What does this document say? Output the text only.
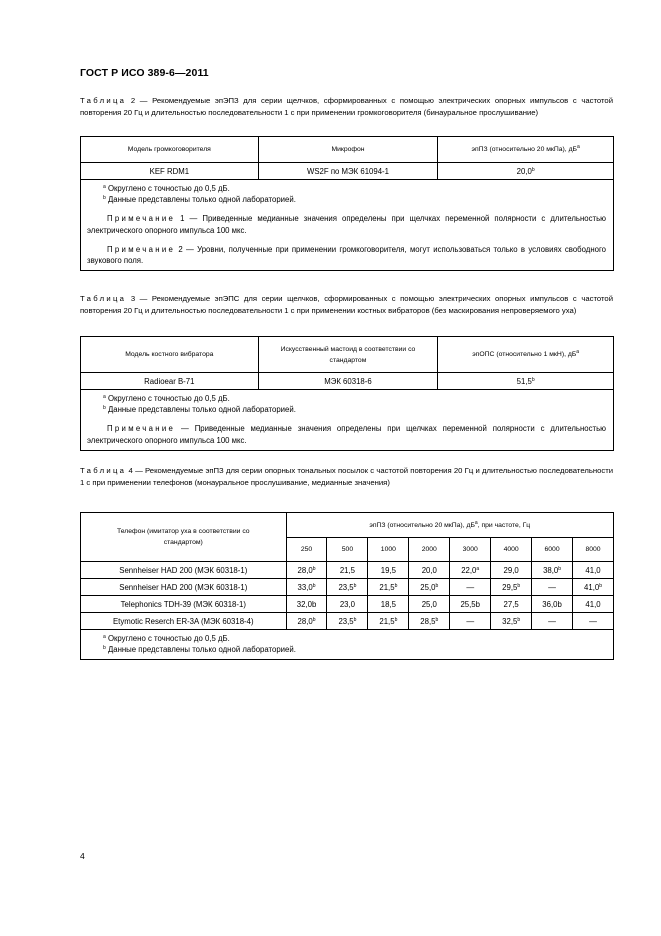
ГОСТ Р ИСО 389-6—2011
Таблица 2 — Рекомендуемые эпЭПЗ для серии щелчков, сформированных с помощью электрических опорных импульсов с частотой повторения 20 Гц и длительностью последовательности 1 с при применении громкоговорителя (бинауральное прослушивание)
Модель громкоговорителя	Микрофон	эпПЗ (относительно 20 мкПа), $дБ^a$
KEF RDM1	WS2F по МЭК 61094-1	20,0$^b$

$^a$ Округлено с точностью до 0,5 дБ.
$^b$ Данные представлены только одной лабораторией.
Примечание 1 — Приведенные медианные значения определены при щелчках переменной полярности с длительностью электрического опорного импульса 100 мкс.
Примечание 2 — Уровни, полученные при применении громкоговорителя, могут использоваться только в условиях свободного звукового поля.		
Таблица 3 — Рекомендуемые эпЭПС для серии щелчков, сформированных с помощью электрических опорных импульсов с частотой повторения 20 Гц и длительностью последовательности 1 с при применении костных вибраторов (без маскирования непроверяемого уха)
Модель костного вибратора	Искусственный мастоид в соответствии со стандартом	эпОПС (относительно 1 мкН), $дБ^a$
Radioear B-71	МЭК 60318-6	51,5$^b$

$^a$ Округлено с точностью до 0,5 дБ.
$^b$ Данные представлены только одной лабораторией.
Примечание — Приведенные медианные значения определены при щелчках переменной полярности с длительностью электрического опорного импульса 100 мкс.		
Таблица 4 — Рекомендуемые эпПЗ для серии опорных тональных посылок с частотой повторения 20 Гц и длительностью последовательности 1 с при применении телефонов (монауральное прослушивание, медианные значения)
Телефон (имитатор уха в соответствии со стандартом)	эпПЗ (относительно 20 мкПа), $дБ^a$, при частоте, Гц							
	250	500	1000	2000	3000	4000	6000	8000
Sennheiser HAD 200 (МЭК 60318-1)	28,0$^b$	21,5	19,5	20,0	22,0$^a$	29,0	38,0$^b$	41,0
Sennheiser HAD 200 (МЭК 60318-1)	33,0$^b$	23,5$^b$	21,5$^b$	25,0$^b$	—	29,5$^b$	—	41,0$^b$
Telephonics TDH-39 (МЭК 60318-1)	32,0b	23,0	18,5	25,0	25,5b	27,5	36,0b	41,0
Etymotic Reserch ER-3A (МЭК 60318-4)	28,0$^b$	23,5$^b$	21,5$^b$	28,5$^b$	—	32,5$^b$	—	—

$^a$ Округлено с точностью до 0,5 дБ.
$^b$ Данные представлены только одной лабораторией.								
4
